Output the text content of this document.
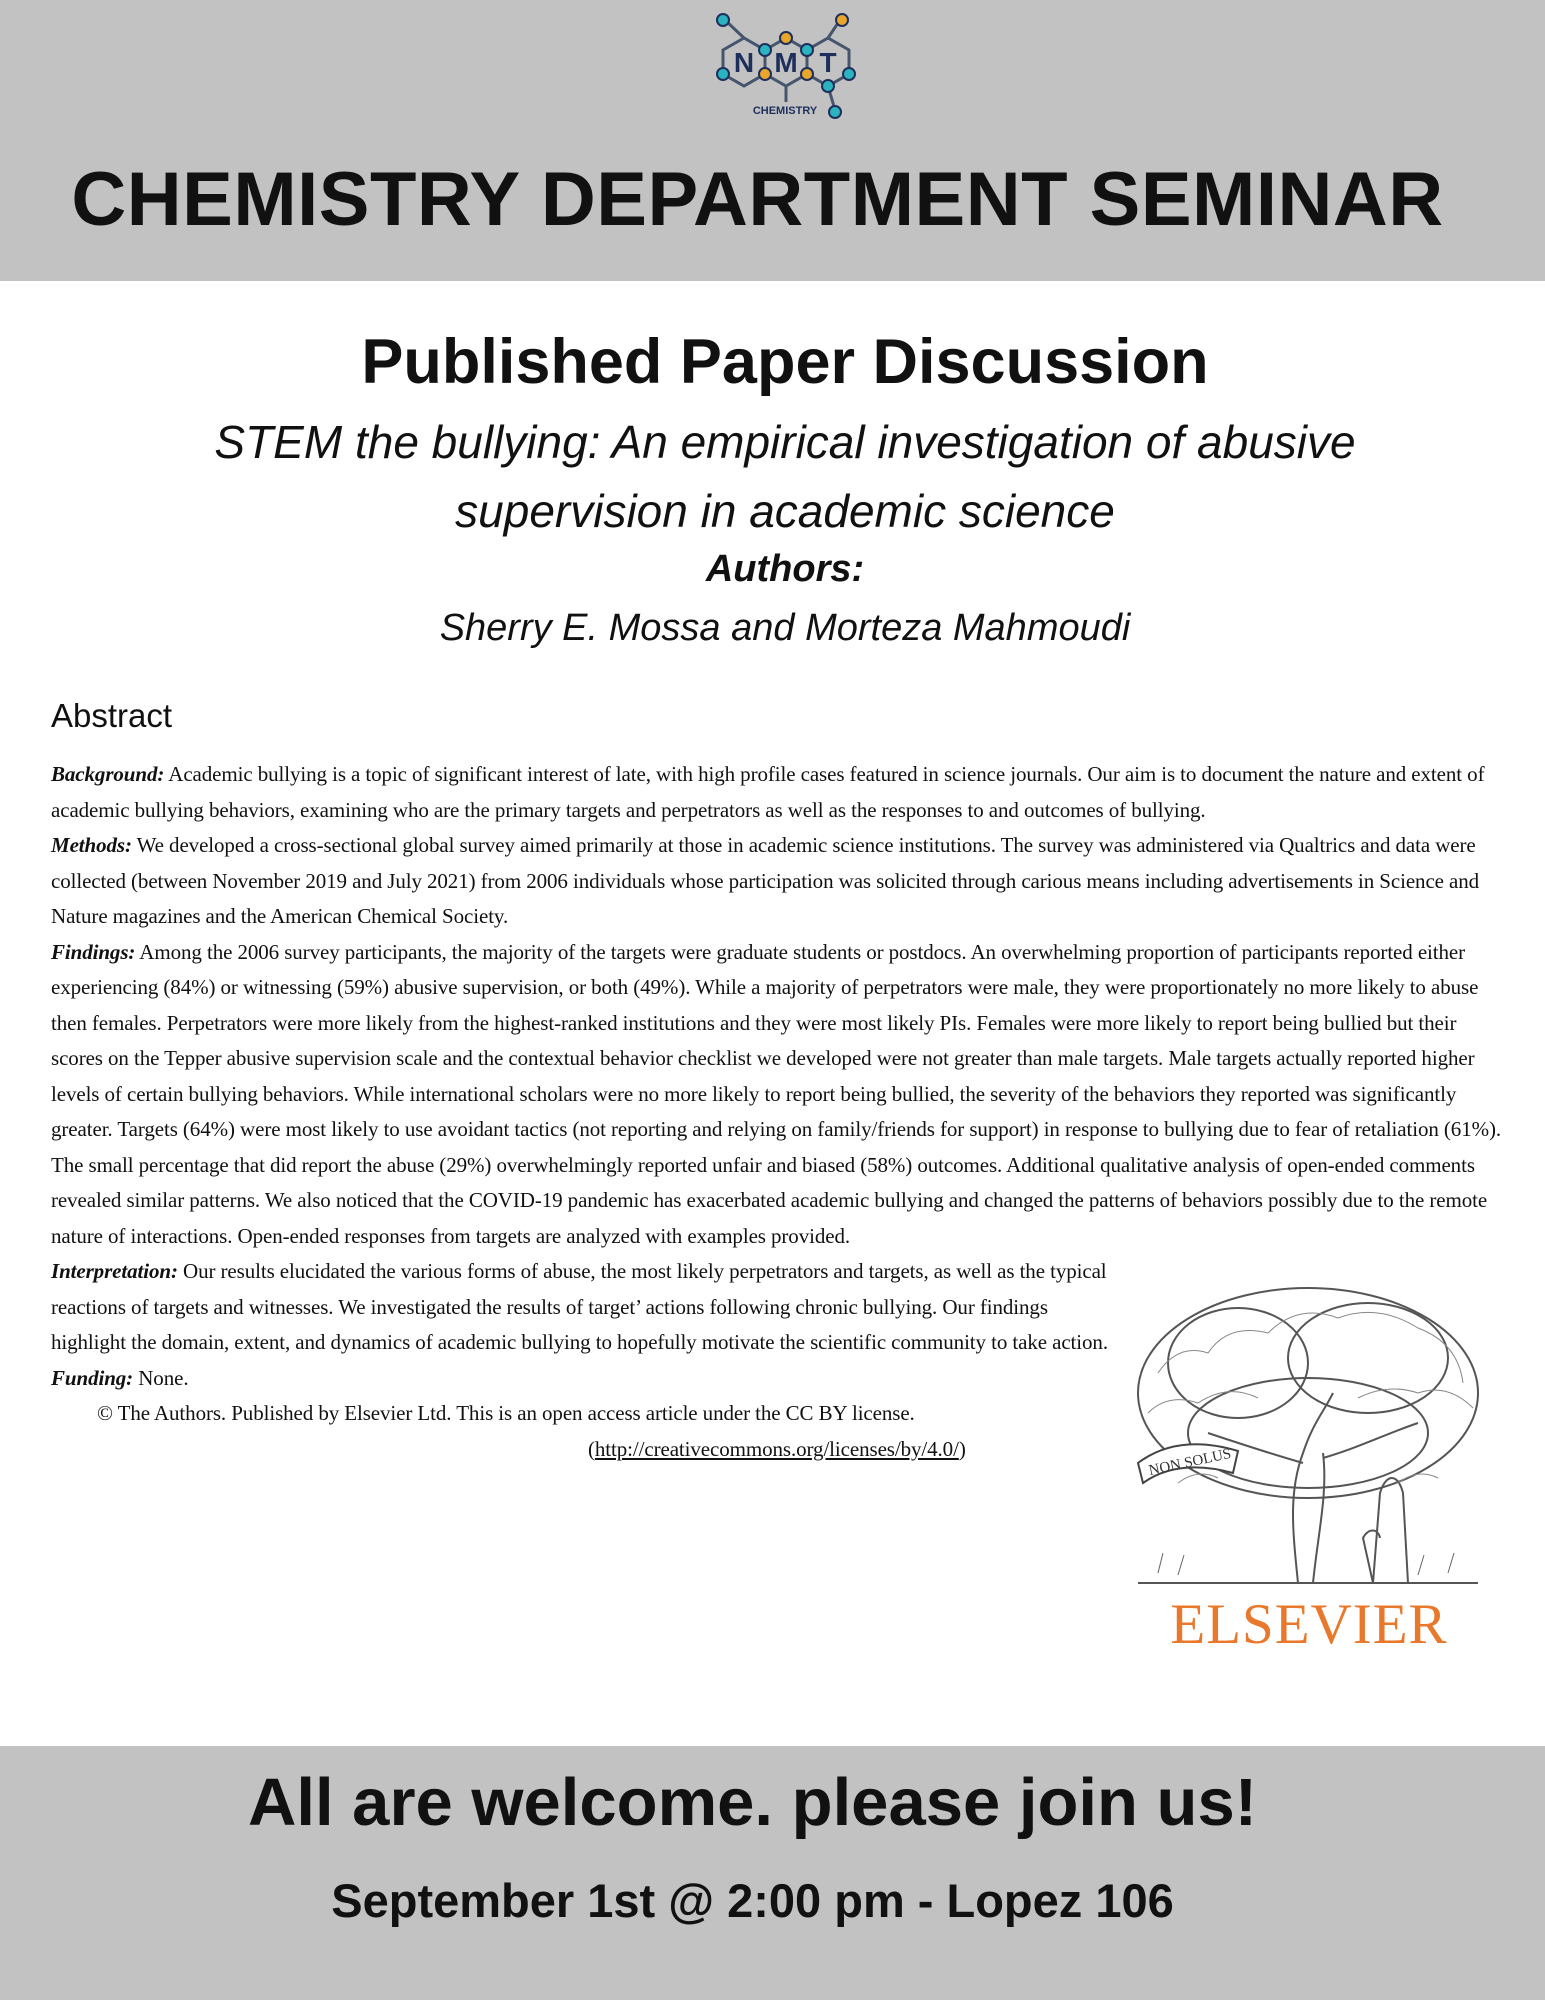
N M T
CHEMISTRY
CHEMISTRY DEPARTMENT SEMINAR
Published Paper Discussion
STEM the bullying: An empirical investigation of abusive supervision in academic science
Authors:
Sherry E. Mossa and Morteza Mahmoudi
Abstract

Background: Academic bullying is a topic of significant interest of late, with high profile cases featured in science journals. Our aim is to document the nature and extent of academic bullying behaviors, examining who are the primary targets and perpetrators as well as the responses to and outcomes of bullying.

Methods: We developed a cross-sectional global survey aimed primarily at those in academic science institutions. The survey was administered via Qualtrics and data were collected (between November 2019 and July 2021) from 2006 individuals whose participation was solicited through carious means including advertisements in Science and Nature magazines and the American Chemical Society.

Findings: Among the 2006 survey participants, the majority of the targets were graduate students or postdocs. An overwhelming proportion of participants reported either experiencing (84%) or witnessing (59%) abusive supervision, or both (49%). While a majority of perpetrators were male, they were proportionately no more likely to abuse then females. Perpetrators were more likely from the highest-ranked institutions and they were most likely PIs. Females were more likely to report being bullied but their scores on the Tepper abusive supervision scale and the contextual behavior checklist we developed were not greater than male targets. Male targets actually reported higher levels of certain bullying behaviors. While international scholars were no more likely to report being bullied, the severity of the behaviors they reported was significantly greater. Targets (64%) were most likely to use avoidant tactics (not reporting and relying on family/friends for support) in response to bullying due to fear of retaliation (61%). The small percentage that did report the abuse (29%) overwhelmingly reported unfair and biased (58%) outcomes. Additional qualitative analysis of open-ended comments revealed similar patterns. We also noticed that the COVID-19 pandemic has exacerbated academic bullying and changed the patterns of behaviors possibly due to the remote nature of interactions. Open-ended responses from targets are analyzed with examples provided.

Interpretation: Our results elucidated the various forms of abuse, the most likely perpetrators and targets, as well as the typical reactions of targets and witnesses. We investigated the results of target’ actions following chronic bullying. Our findings highlight the domain, extent, and dynamics of academic bullying to hopefully motivate the scientific community to take action.

Funding: None.

© The Authors. Published by Elsevier Ltd. This is an open access article under the CC BY license.

(http://creativecommons.org/licenses/by/4.0/)	NON SOLUS
ELSEVIER
All are welcome. please join us!
September 1st @ 2:00 pm - Lopez 106
